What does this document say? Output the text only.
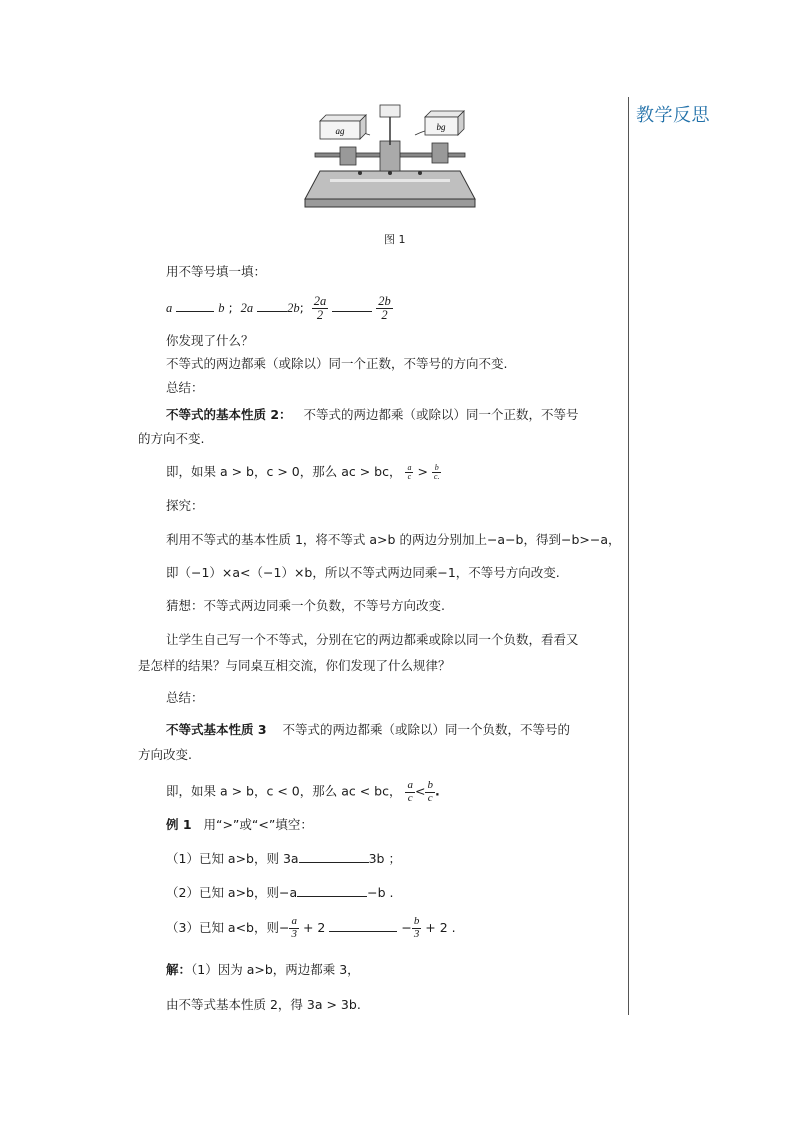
教学反思
ag	bg
图 1
用不等号填一填：
a	b ; 2a	2b; $\frac{2a}{2}$
	$\frac{2b}{2}$
你发现了什么？
不等式的两边都乘（或除以）同一个正数，不等号的方向不变.
总结：
不等式的基本性质 2： 不等式的两边都乘（或除以）同一个正数，不等号
的方向不变.
即，如果 a > b，c > 0，那么 ac > bc， $\frac{a}{c} > \frac{b}{c.}$
探究：
利用不等式的基本性质 1，将不等式 a>b 的两边分别加上−a−b，得到−b>−a，
即（−1）×a<（−1）×b，所以不等式两边同乘−1，不等号方向改变.
猜想：不等式两边同乘一个负数，不等号方向改变.
让学生自己写一个不等式，分别在它的两边都乘或除以同一个负数，看看又
是怎样的结果？与同桌互相交流，你们发现了什么规律？
总结：
不等式基本性质 3 不等式的两边都乘（或除以）同一个负数，不等号的
方向改变.
即，如果 a > b，c < 0，那么 ac < bc， $\frac{a}{c} < \frac{b}{c}$ .
例 1 用“>”或“<”填空：
（1）已知 a>b，则 3a	3b ；
（2）已知 a>b，则−a	−b .
（3）已知 a<b，则− $\frac{a}{3} + 2$	− $\frac{b}{3} + 2$ .
解：（1）因为 a>b，两边都乘 3，
由不等式基本性质 2，得 3a > 3b.
